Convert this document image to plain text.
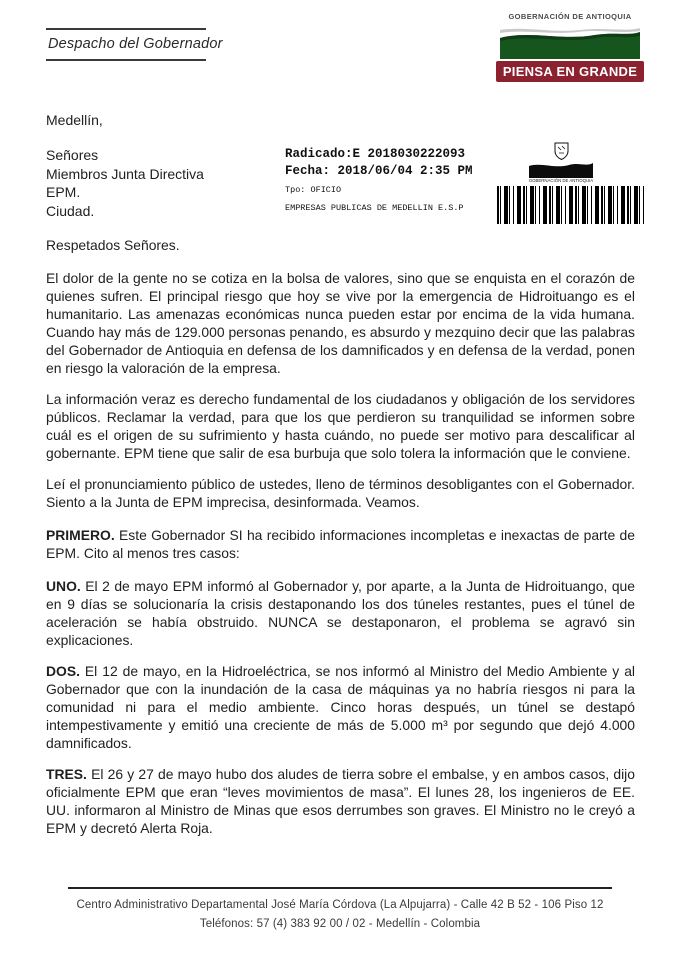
Despacho del Gobernador
GOBERNACIÓN DE ANTIOQUIA
PIENSA EN GRANDE
Medellín,
Señores
Miembros Junta Directiva
EPM.
Ciudad.
Radicado:E 2018030222093
Fecha: 2018/06/04 2:35 PM
Tpo: OFICIO
EMPRESAS PUBLICAS DE MEDELLIN E.S.P
GOBERNACIÓN DE ANTIOQUIA

Respetados Señores.

El dolor de la gente no se cotiza en la bolsa de valores, sino que se enquista en el corazón de quienes sufren. El principal riesgo que hoy se vive por la emergencia de Hidroituango es el humanitario. Las amenazas económicas nunca pueden estar por encima de la vida humana. Cuando hay más de 129.000 personas penando, es absurdo y mezquino decir que las palabras del Gobernador de Antioquia en defensa de los damnificados y en defensa de la verdad, ponen en riesgo la valoración de la empresa.

La información veraz es derecho fundamental de los ciudadanos y obligación de los servidores públicos. Reclamar la verdad, para que los que perdieron su tranquilidad se informen sobre cuál es el origen de su sufrimiento y hasta cuándo, no puede ser motivo para descalificar al gobernante. EPM tiene que salir de esa burbuja que solo tolera la información que le conviene.

Leí el pronunciamiento público de ustedes, lleno de términos desobligantes con el Gobernador. Siento a la Junta de EPM imprecisa, desinformada. Veamos.

PRIMERO. Este Gobernador SI ha recibido informaciones incompletas e inexactas de parte de EPM. Cito al menos tres casos:

UNO. El 2 de mayo EPM informó al Gobernador y, por aparte, a la Junta de Hidroituango, que en 9 días se solucionaría la crisis destaponando los dos túneles restantes, pues el túnel de aceleración se había obstruido. NUNCA se destaponaron, el problema se agravó sin explicaciones.

DOS. El 12 de mayo, en la Hidroeléctrica, se nos informó al Ministro del Medio Ambiente y al Gobernador que con la inundación de la casa de máquinas ya no habría riesgos ni para la comunidad ni para el medio ambiente. Cinco horas después, un túnel se destapó intempestivamente y emitió una creciente de más de 5.000 m³ por segundo que dejó 4.000 damnificados.

TRES. El 26 y 27 de mayo hubo dos aludes de tierra sobre el embalse, y en ambos casos, dijo oficialmente EPM que eran “leves movimientos de masa”. El lunes 28, los ingenieros de EE. UU. informaron al Ministro de Minas que esos derrumbes son graves. El Ministro no le creyó a EPM y decretó Alerta Roja.

Centro Administrativo Departamental José María Córdova (La Alpujarra) - Calle 42 B 52 - 106 Piso 12
Teléfonos: 57 (4) 383 92 00 / 02 - Medellín - Colombia
